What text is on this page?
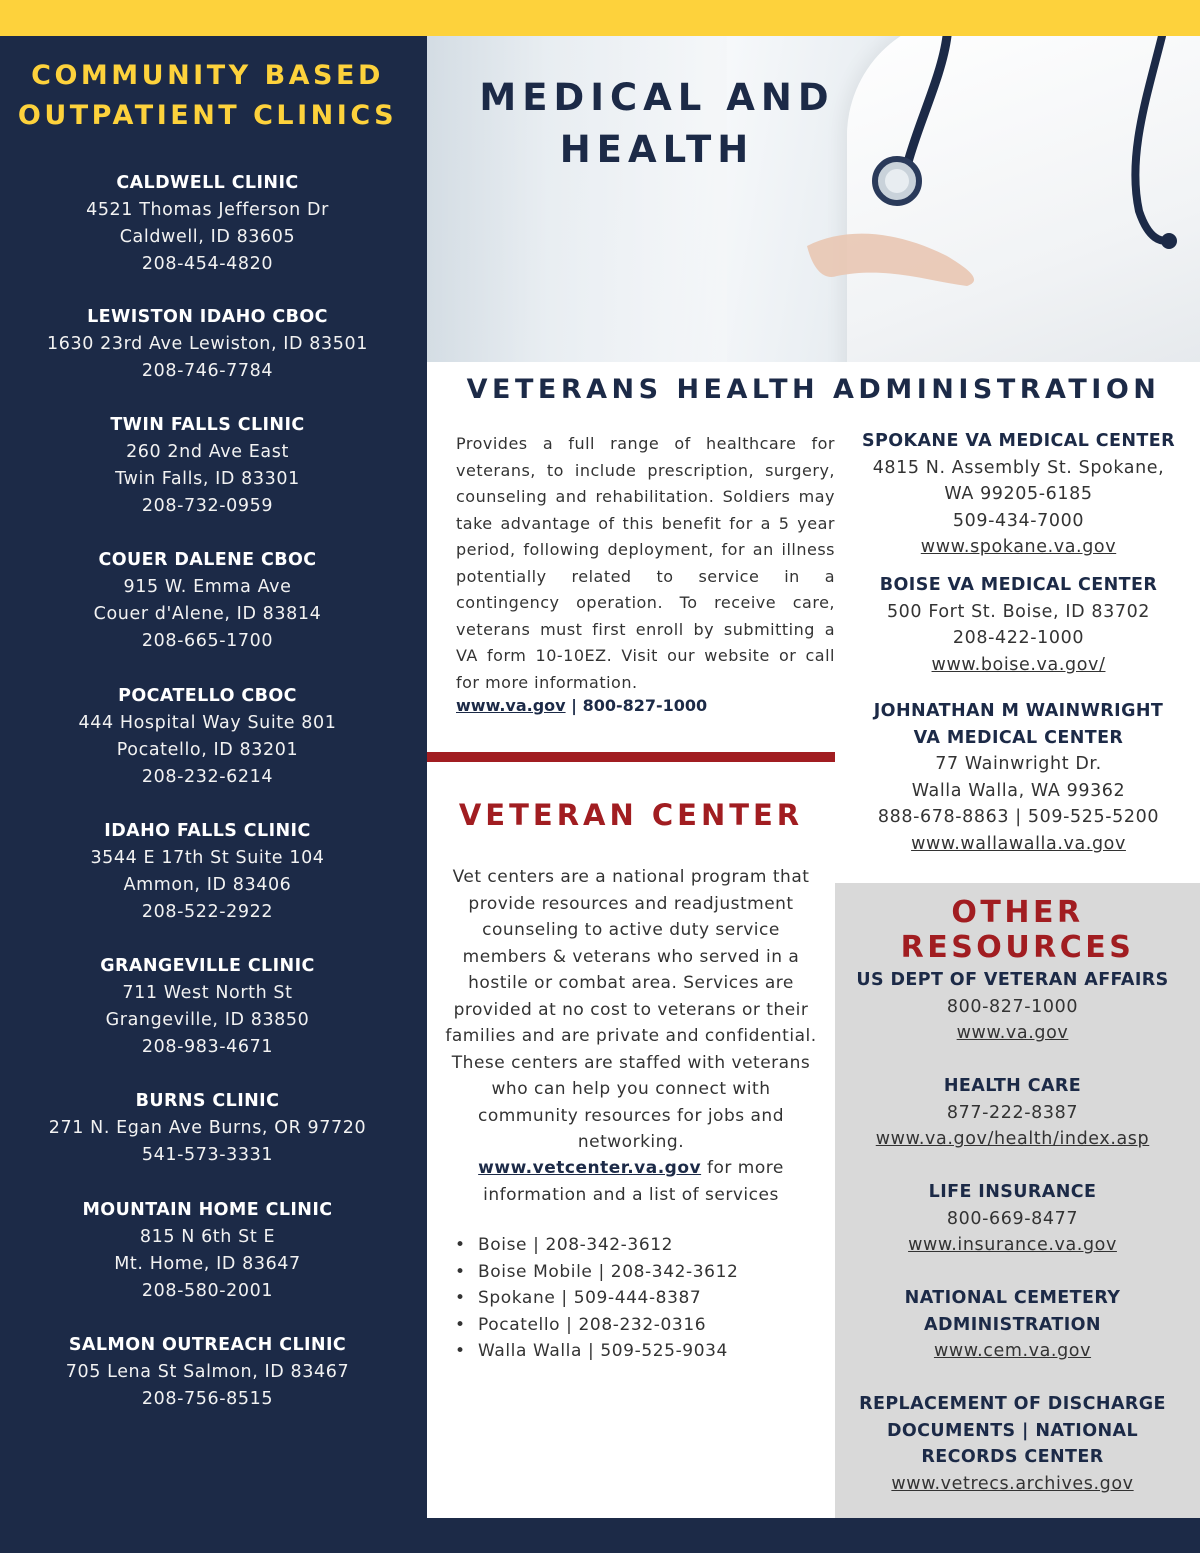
COMMUNITY BASED OUTPATIENT CLINICS
CALDWELL CLINIC
4521 Thomas Jefferson Dr
Caldwell, ID 83605
208-454-4820
LEWISTON IDAHO CBOC
1630 23rd Ave Lewiston, ID 83501
208-746-7784
TWIN FALLS CLINIC
260 2nd Ave East
Twin Falls, ID 83301
208-732-0959
COUER DALENE CBOC
915 W. Emma Ave
Couer d'Alene, ID 83814
208-665-1700
POCATELLO CBOC
444 Hospital Way Suite 801
Pocatello, ID 83201
208-232-6214
IDAHO FALLS CLINIC
3544 E 17th St Suite 104
Ammon, ID 83406
208-522-2922
GRANGEVILLE CLINIC
711 West North St
Grangeville, ID 83850
208-983-4671
BURNS CLINIC
271 N. Egan Ave Burns, OR 97720
541-573-3331
MOUNTAIN HOME CLINIC
815 N 6th St E
Mt. Home, ID 83647
208-580-2001
SALMON OUTREACH CLINIC
705 Lena St Salmon, ID 83467
208-756-8515
MEDICAL AND HEALTH
VETERANS HEALTH ADMINISTRATION
Provides a full range of healthcare for veterans, to include prescription, surgery, counseling and rehabilitation. Soldiers may take advantage of this benefit for a 5 year period, following deployment, for an illness potentially related to service in a contingency operation. To receive care, veterans must first enroll by submitting a VA form 10-10EZ. Visit our website or call for more information.
www.va.gov | 800-827-1000
VETERAN CENTER
Vet centers are a national program that provide resources and readjustment counseling to active duty service members & veterans who served in a hostile or combat area. Services are provided at no cost to veterans or their families and are private and confidential. These centers are staffed with veterans who can help you connect with community resources for jobs and networking.
www.vetcenter.va.gov for more information and a list of services
• Boise | 208-342-3612
• Boise Mobile | 208-342-3612
• Spokane | 509-444-8387
• Pocatello | 208-232-0316
• Walla Walla | 509-525-9034
SPOKANE VA MEDICAL CENTER
4815 N. Assembly St. Spokane,
WA 99205-6185
509-434-7000
www.spokane.va.gov
BOISE VA MEDICAL CENTER
500 Fort St. Boise, ID 83702
208-422-1000
www.boise.va.gov/
JOHNATHAN M WAINWRIGHT VA MEDICAL CENTER
77 Wainwright Dr.
Walla Walla, WA 99362
888-678-8863 | 509-525-5200
www.wallawalla.va.gov
OTHER RESOURCES
US DEPT OF VETERAN AFFAIRS
800-827-1000
www.va.gov
HEALTH CARE
877-222-8387
www.va.gov/health/index.asp
LIFE INSURANCE
800-669-8477
www.insurance.va.gov
NATIONAL CEMETERY ADMINISTRATION
www.cem.va.gov
REPLACEMENT OF DISCHARGE DOCUMENTS | NATIONAL RECORDS CENTER
www.vetrecs.archives.gov
